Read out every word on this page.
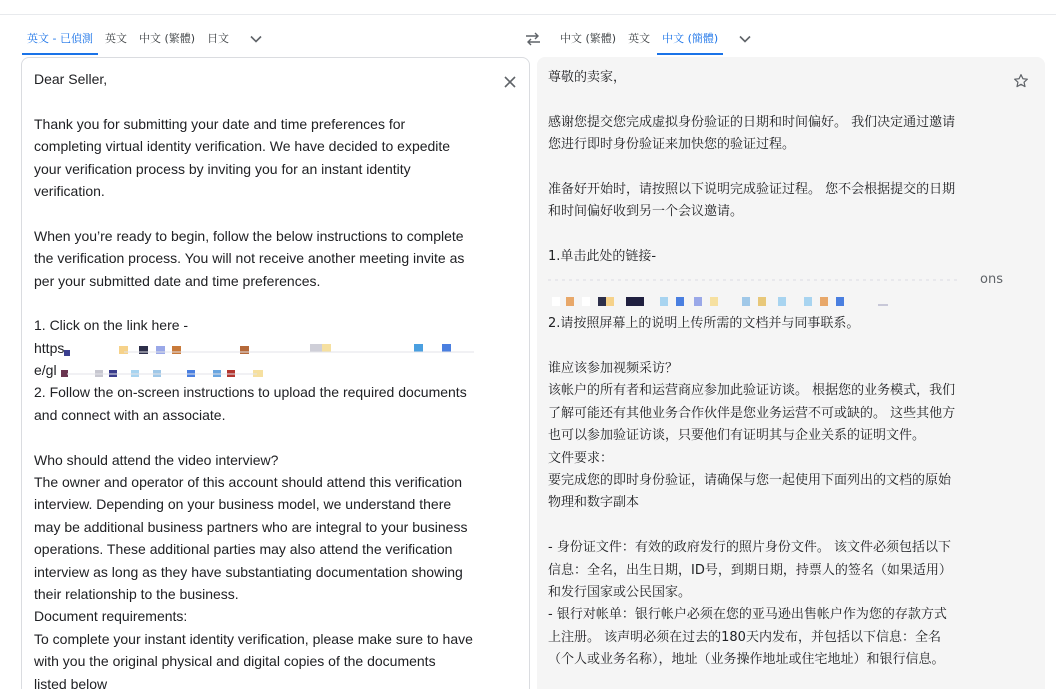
英文 - 已偵測	英文	中文 (繁體)	日文	中文 (繁體)	英文	中文 (簡體)
Dear Seller,
Thank you for submitting your date and time preferences for
completing virtual identity verification. We have decided to expedite
your verification process by inviting you for an instant identity
verification.
When you’re ready to begin, follow the below instructions to complete
the verification process. You will not receive another meeting invite as
per your submitted date and time preferences.
1. Click on the link here -
https
e/gl
2. Follow the on-screen instructions to upload the required documents
and connect with an associate.
Who should attend the video interview?
The owner and operator of this account should attend this verification
interview. Depending on your business model, we understand there
may be additional business partners who are integral to your business
operations. These additional parties may also attend the verification
interview as long as they have substantiating documentation showing
their relationship to the business.
Document requirements:
To complete your instant identity verification, please make sure to have
with you the original physical and digital copies of the documents
listed below
尊敬的卖家，
感谢您提交您完成虚拟身份验证的日期和时间偏好。 我们决定通过邀请
您进行即时身份验证来加快您的验证过程。
准备好开始时，请按照以下说明完成验证过程。 您不会根据提交的日期
和时间偏好收到另一个会议邀请。
1.单击此处的链接-
ons
2.请按照屏幕上的说明上传所需的文档并与同事联系。
谁应该参加视频采访？
该帐户的所有者和运营商应参加此验证访谈。 根据您的业务模式，我们
了解可能还有其他业务合作伙伴是您业务运营不可或缺的。 这些其他方
也可以参加验证访谈，只要他们有证明其与企业关系的证明文件。
文件要求：
要完成您的即时身份验证，请确保与您一起使用下面列出的文档的原始
物理和数字副本
- 身份证文件：有效的政府发行的照片身份文件。 该文件必须包括以下
信息：全名，出生日期，ID号，到期日期，持票人的签名（如果适用）
和发行国家或公民国家。
- 银行对帐单：银行帐户必须在您的亚马逊出售帐户作为您的存款方式
上注册。 该声明必须在过去的180天内发布，并包括以下信息：全名
（个人或业务名称），地址（业务操作地址或住宅地址）和银行信息。
